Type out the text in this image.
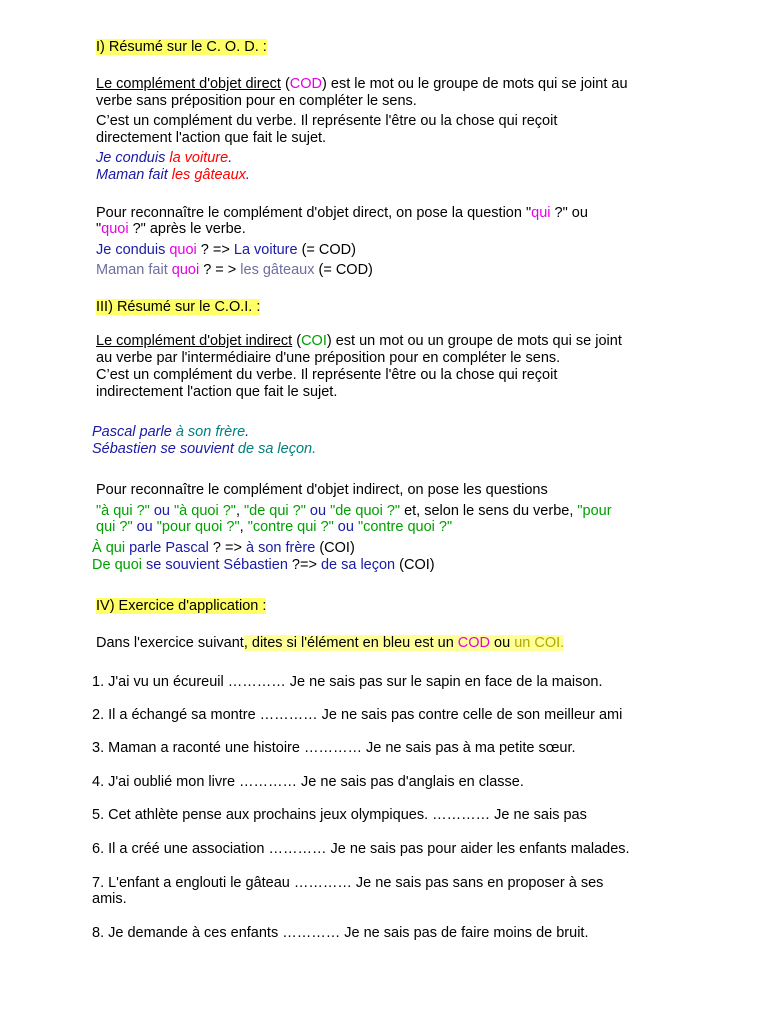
I) Résumé sur le C. O. D. :
Le complément d'objet direct (COD) est le mot ou le groupe de mots qui se joint au
verbe sans préposition pour en compléter le sens.
C’est un complément du verbe. Il représente l'être ou la chose qui reçoit
directement l'action que fait le sujet.
Je conduis la voiture.
Maman fait les gâteaux.
Pour reconnaître le complément d'objet direct, on pose la question "qui ?" ou
"quoi ?" après le verbe.
Je conduis quoi ? => La voiture (= COD)
Maman fait quoi ? = > les gâteaux (= COD)
III) Résumé sur le C.O.I. :
Le complément d'objet indirect (COI) est un mot ou un groupe de mots qui se joint
au verbe par l'intermédiaire d'une préposition pour en compléter le sens.
C’est un complément du verbe. Il représente l'être ou la chose qui reçoit
indirectement l'action que fait le sujet.
Pascal parle à son frère.
Sébastien se souvient de sa leçon.
Pour reconnaître le complément d'objet indirect, on pose les questions
"à qui ?" ou "à quoi ?", "de qui ?" ou "de quoi ?" et, selon le sens du verbe, "pour
qui ?" ou "pour quoi ?", "contre qui ?" ou "contre quoi ?"
À qui parle Pascal ? => à son frère (COI)
De quoi se souvient Sébastien ?=> de sa leçon (COI)
IV) Exercice d'application :
Dans l'exercice suivant, dites si l'élément en bleu est un COD ou un COI.
1. J'ai vu un écureuil ………… Je ne sais pas sur le sapin en face de la maison.
2. Il a échangé sa montre ………… Je ne sais pas contre celle de son meilleur ami
3. Maman a raconté une histoire ………… Je ne sais pas à ma petite sœur.
4. J'ai oublié mon livre ………… Je ne sais pas d'anglais en classe.
5. Cet athlète pense aux prochains jeux olympiques. ………… Je ne sais pas
6. Il a créé une association ………… Je ne sais pas pour aider les enfants malades.
7. L'enfant a englouti le gâteau ………… Je ne sais pas sans en proposer à ses
amis.
8. Je demande à ces enfants ………… Je ne sais pas de faire moins de bruit.
